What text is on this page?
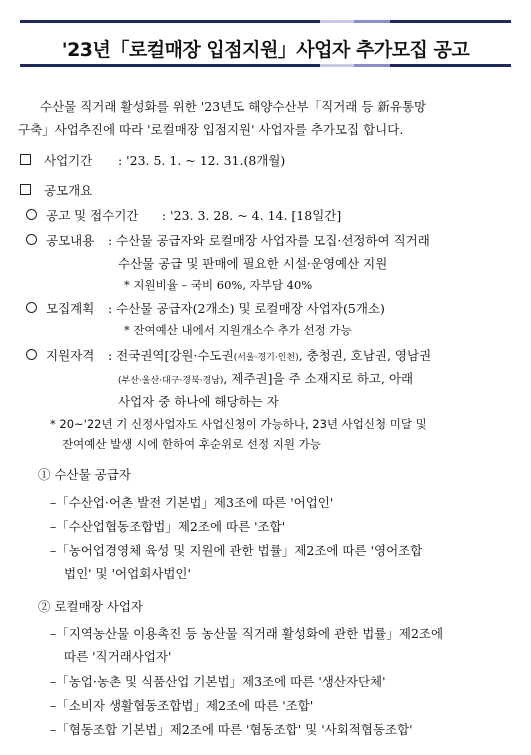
'23년「로컬매장 입점지원」사업자 추가모집 공고
수산물 직거래 활성화를 위한 '23년도 해양수산부「직거래 등 新유통망
구축」사업추진에 따라 '로컬매장 입점지원' 사업자를 추가모집 합니다.
사업기간 : '23. 5. 1. ~ 12. 31.(8개월)
공모개요
공고 및 접수기간 : '23. 3. 28. ~ 4. 14. [18일간]
공모내용 : 수산물 공급자와 로컬매장 사업자를 모집·선정하여 직거래
수산물 공급 및 판매에 필요한 시설·운영예산 지원
* 지원비율 – 국비 60%, 자부담 40%
모집계획 : 수산물 공급자(2개소) 및 로컬매장 사업자(5개소)
* 잔여예산 내에서 지원개소수 추가 선정 가능
지원자격 : 전국권역[강원·수도권(서울·경기·인천), 충청권, 호남권, 영남권
(부산·울산·대구·경북·경남), 제주권]을 주 소재지로 하고, 아래
사업자 중 하나에 해당하는 자
* 20~'22년 기 신정사업자도 사업신청이 가능하나, 23년 사업신청 미달 및
잔여예산 발생 시에 한하여 후순위로 선정 지원 가능
① 수산물 공급자
–「수산업·어촌 발전 기본법」제3조에 따른 '어업인'
–「수산업협동조합법」제2조에 따른 '조합'
–「농어업경영체 육성 및 지원에 관한 법률」제2조에 따른 '영어조합
법인' 및 '어업회사법인'
② 로컬매장 사업자
–「지역농산물 이용촉진 등 농산물 직거래 활성화에 관한 법률」제2조에
따른 '직거래사업자'
–「농업·농촌 및 식품산업 기본법」제3조에 따른 '생산자단체'
–「소비자 생활협동조합법」제2조에 따른 '조합'
–「협동조합 기본법」제2조에 따른 '협동조합' 및 '사회적협동조합'
